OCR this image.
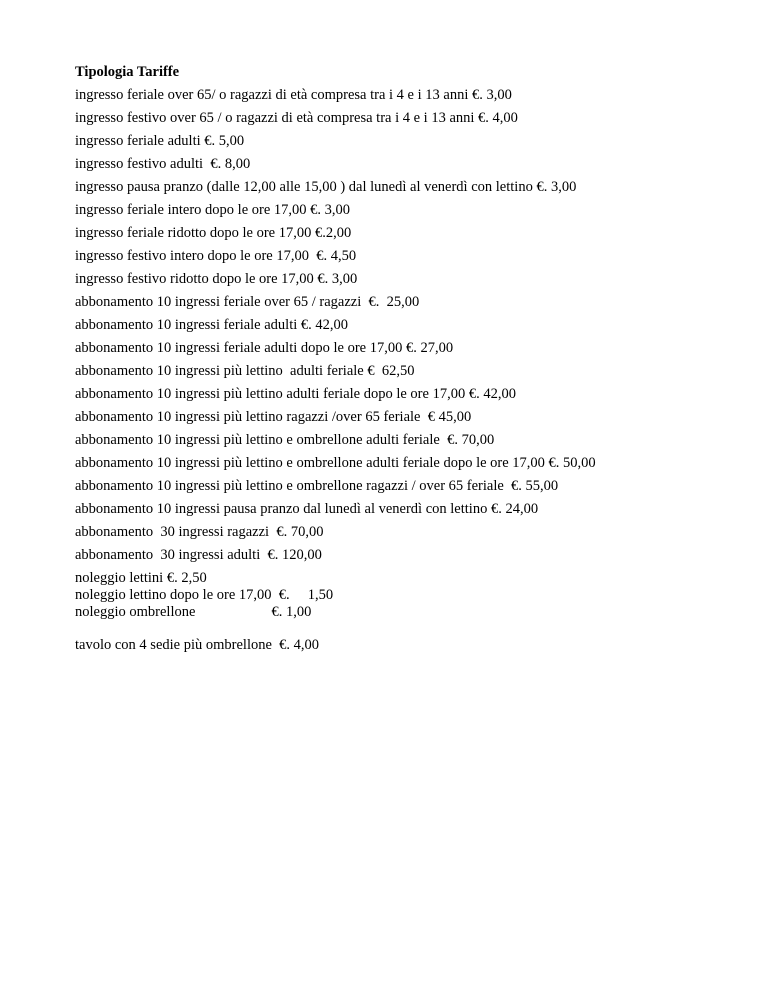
Tipologia Tariffe
ingresso feriale over 65/ o ragazzi di età compresa tra i 4 e i 13 anni €. 3,00
ingresso festivo over 65 / o ragazzi di età compresa tra i 4 e i 13 anni €. 4,00
ingresso feriale adulti €. 5,00
ingresso festivo adulti  €. 8,00
ingresso pausa pranzo (dalle 12,00 alle 15,00 ) dal lunedì al venerdì con lettino €. 3,00
ingresso feriale intero dopo le ore 17,00 €. 3,00
ingresso feriale ridotto dopo le ore 17,00 €.2,00
ingresso festivo intero dopo le ore 17,00  €. 4,50
ingresso festivo ridotto dopo le ore 17,00 €. 3,00
abbonamento 10 ingressi feriale over 65 / ragazzi  €.  25,00
abbonamento 10 ingressi feriale adulti €. 42,00
abbonamento 10 ingressi feriale adulti dopo le ore 17,00 €. 27,00
abbonamento 10 ingressi più lettino  adulti feriale €  62,50
abbonamento 10 ingressi più lettino adulti feriale dopo le ore 17,00 €. 42,00
abbonamento 10 ingressi più lettino ragazzi /over 65 feriale  € 45,00
abbonamento 10 ingressi più lettino e ombrellone adulti feriale  €. 70,00
abbonamento 10 ingressi più lettino e ombrellone adulti feriale dopo le ore 17,00 €. 50,00
abbonamento 10 ingressi più lettino e ombrellone ragazzi / over 65 feriale  €. 55,00
abbonamento 10 ingressi pausa pranzo dal lunedì al venerdì con lettino €. 24,00
abbonamento  30 ingressi ragazzi  €. 70,00
abbonamento  30 ingressi adulti  €. 120,00
noleggio lettini €. 2,50
noleggio lettino dopo le ore 17,00  €.     1,50
noleggio ombrellone                     €. 1,00
tavolo con 4 sedie più ombrellone  €. 4,00
